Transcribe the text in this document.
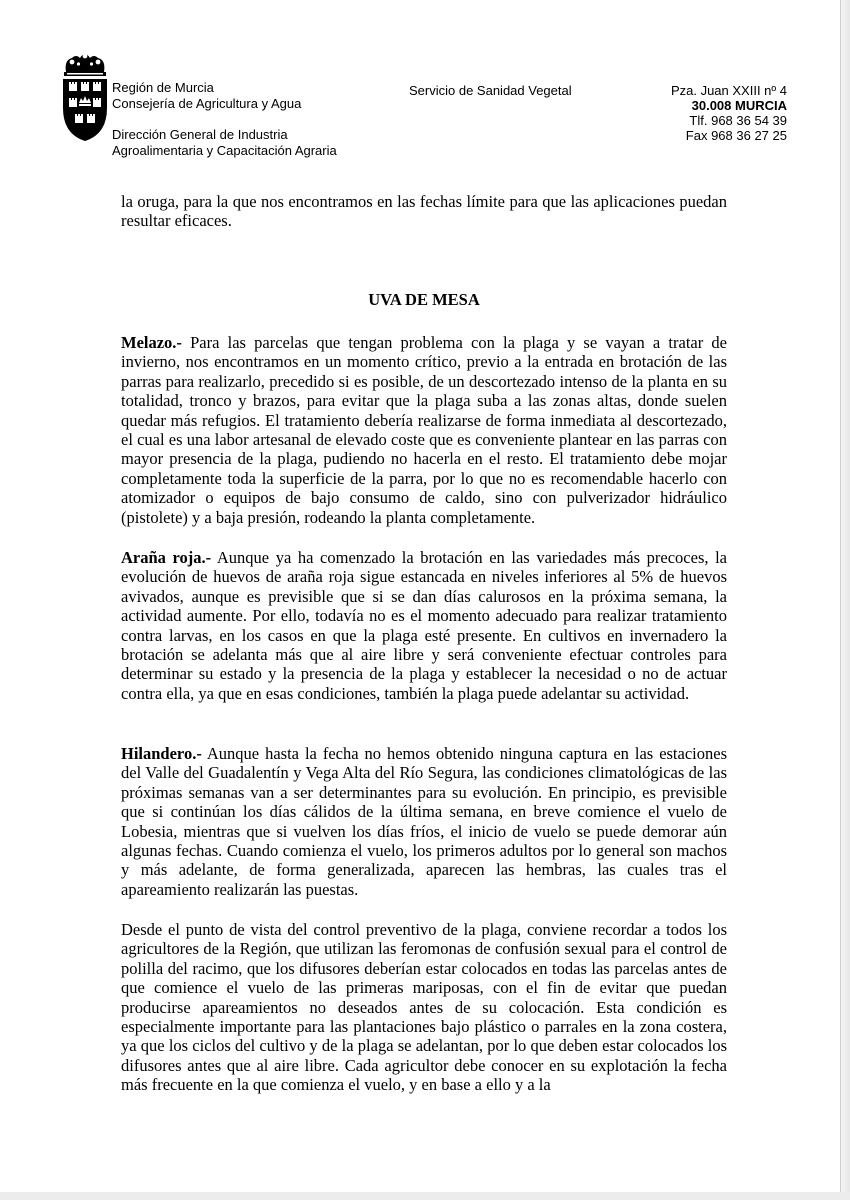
Región de Murcia
Consejería de Agricultura y Agua
Dirección General de Industria
Agroalimentaria y Capacitación Agraria
Servicio de Sanidad Vegetal	Pza. Juan XXIII nº 4
30.008 MURCIA
Tlf. 968 36 54 39
Fax 968 36 27 25

la oruga, para la que nos encontramos en las fechas límite para que las aplicaciones puedan resultar eficaces.

UVA DE MESA

Melazo.- Para las parcelas que tengan problema con la plaga y se vayan a tratar de invierno, nos encontramos en un momento crítico, previo a la entrada en brotación de las parras para realizarlo, precedido si es posible, de un descortezado intenso de la planta en su totalidad, tronco y brazos, para evitar que la plaga suba a las zonas altas, donde suelen quedar más refugios. El tratamiento debería realizarse de forma inmediata al descortezado, el cual es una labor artesanal de elevado coste que es conveniente plantear en las parras con mayor presencia de la plaga, pudiendo no hacerla en el resto. El tratamiento debe mojar completamente toda la superficie de la parra, por lo que no es recomendable hacerlo con atomizador o equipos de bajo consumo de caldo, sino con pulverizador hidráulico (pistolete) y a baja presión, rodeando la planta completamente.

Araña roja.- Aunque ya ha comenzado la brotación en las variedades más precoces, la evolución de huevos de araña roja sigue estancada en niveles inferiores al 5% de huevos avivados, aunque es previsible que si se dan días calurosos en la próxima semana, la actividad aumente. Por ello, todavía no es el momento adecuado para realizar tratamiento contra larvas, en los casos en que la plaga esté presente. En cultivos en invernadero la brotación se adelanta más que al aire libre y será conveniente efectuar controles para determinar su estado y la presencia de la plaga y establecer la necesidad o no de actuar contra ella, ya que en esas condiciones, también la plaga puede adelantar su actividad.

Hilandero.- Aunque hasta la fecha no hemos obtenido ninguna captura en las estaciones del Valle del Guadalentín y Vega Alta del Río Segura, las condiciones climatológicas de las próximas semanas van a ser determinantes para su evolución. En principio, es previsible que si continúan los días cálidos de la última semana, en breve comience el vuelo de Lobesia, mientras que si vuelven los días fríos, el inicio de vuelo se puede demorar aún algunas fechas. Cuando comienza el vuelo, los primeros adultos por lo general son machos y más adelante, de forma generalizada, aparecen las hembras, las cuales tras el apareamiento realizarán las puestas.

Desde el punto de vista del control preventivo de la plaga, conviene recordar a todos los agricultores de la Región, que utilizan las feromonas de confusión sexual para el control de polilla del racimo, que los difusores deberían estar colocados en todas las parcelas antes de que comience el vuelo de las primeras mariposas, con el fin de evitar que puedan producirse apareamientos no deseados antes de su colocación. Esta condición es especialmente importante para las plantaciones bajo plástico o parrales en la zona costera, ya que los ciclos del cultivo y de la plaga se adelantan, por lo que deben estar colocados los difusores antes que al aire libre. Cada agricultor debe conocer en su explotación la fecha más frecuente en la que comienza el vuelo, y en base a ello y a la
